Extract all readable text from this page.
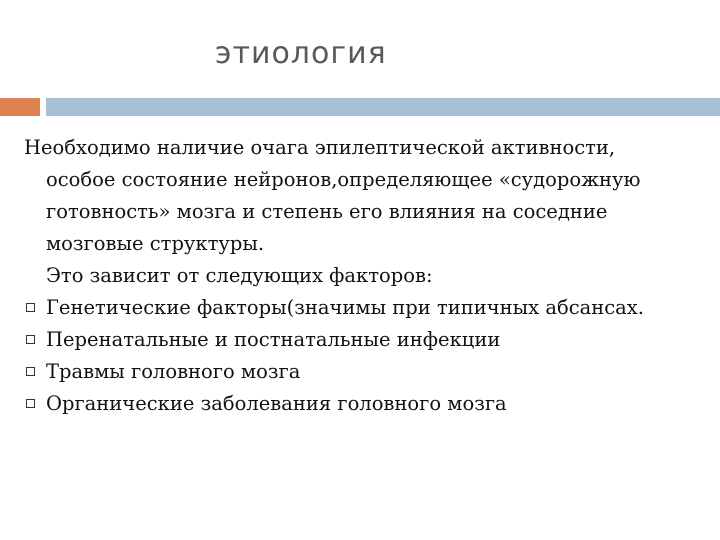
этиология

Необходимо наличие очага эпилептической активности, особое состояние нейронов,определяющее «судорожную готовность» мозга и степень его влияния на соседние мозговые структуры.

Это зависит от следующих факторов:

Генетические факторы(значимы при типичных абсансах.
Перенатальные и постнатальные инфекции
Травмы головного мозга
Органические заболевания головного мозга
